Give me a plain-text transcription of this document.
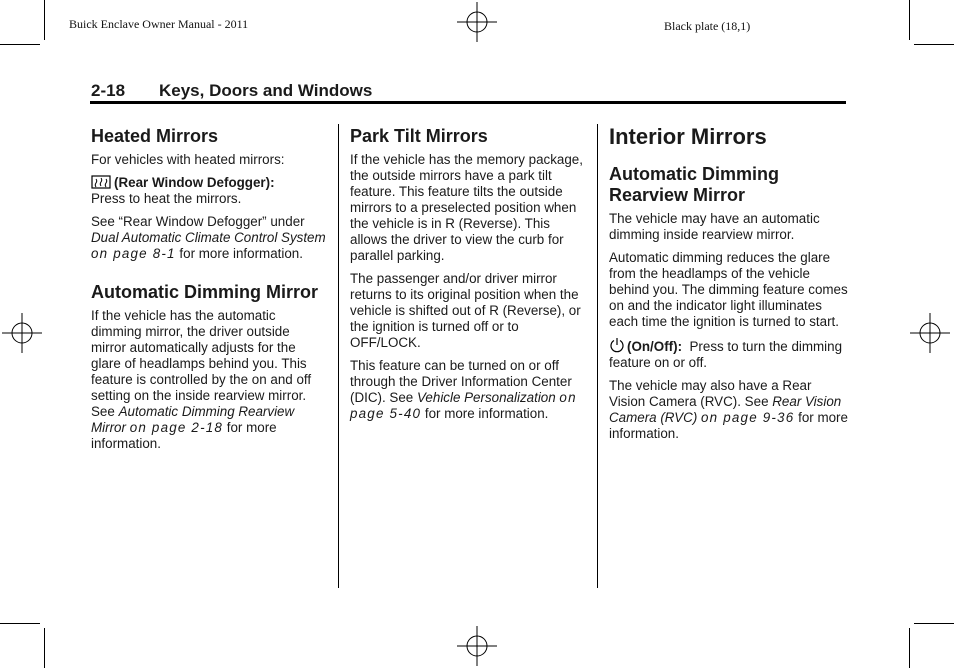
Buick Enclave Owner Manual - 2011	Black plate (18,1)
2-18 Keys, Doors and Windows
Heated Mirrors

For vehicles with heated mirrors:

(Rear Window Defogger):
Press to heat the mirrors.

See “Rear Window Defogger” under Dual Automatic Climate Control System on page 8-1 for more information.

Automatic Dimming Mirror

If the vehicle has the automatic dimming mirror, the driver outside mirror automatically adjusts for the glare of headlamps behind you. This feature is controlled by the on and off setting on the inside rearview mirror. See Automatic Dimming Rearview Mirror on page 2-18 for more information.

Park Tilt Mirrors

If the vehicle has the memory package, the outside mirrors have a park tilt feature. This feature tilts the outside mirrors to a preselected position when the vehicle is in R (Reverse). This allows the driver to view the curb for parallel parking.

The passenger and/or driver mirror returns to its original position when the vehicle is shifted out of R (Reverse), or the ignition is turned off or to OFF/LOCK.

This feature can be turned on or off through the Driver Information Center (DIC). See Vehicle Personalization on page 5-40 for more information.

Interior Mirrors
Automatic Dimming Rearview Mirror

The vehicle may have an automatic dimming inside rearview mirror.

Automatic dimming reduces the glare from the headlamps of the vehicle behind you. The dimming feature comes on and the indicator light illuminates each time the ignition is turned to start.

(On/Off): Press to turn the dimming feature on or off.

The vehicle may also have a Rear Vision Camera (RVC). See Rear Vision Camera (RVC) on page 9-36 for more information.
